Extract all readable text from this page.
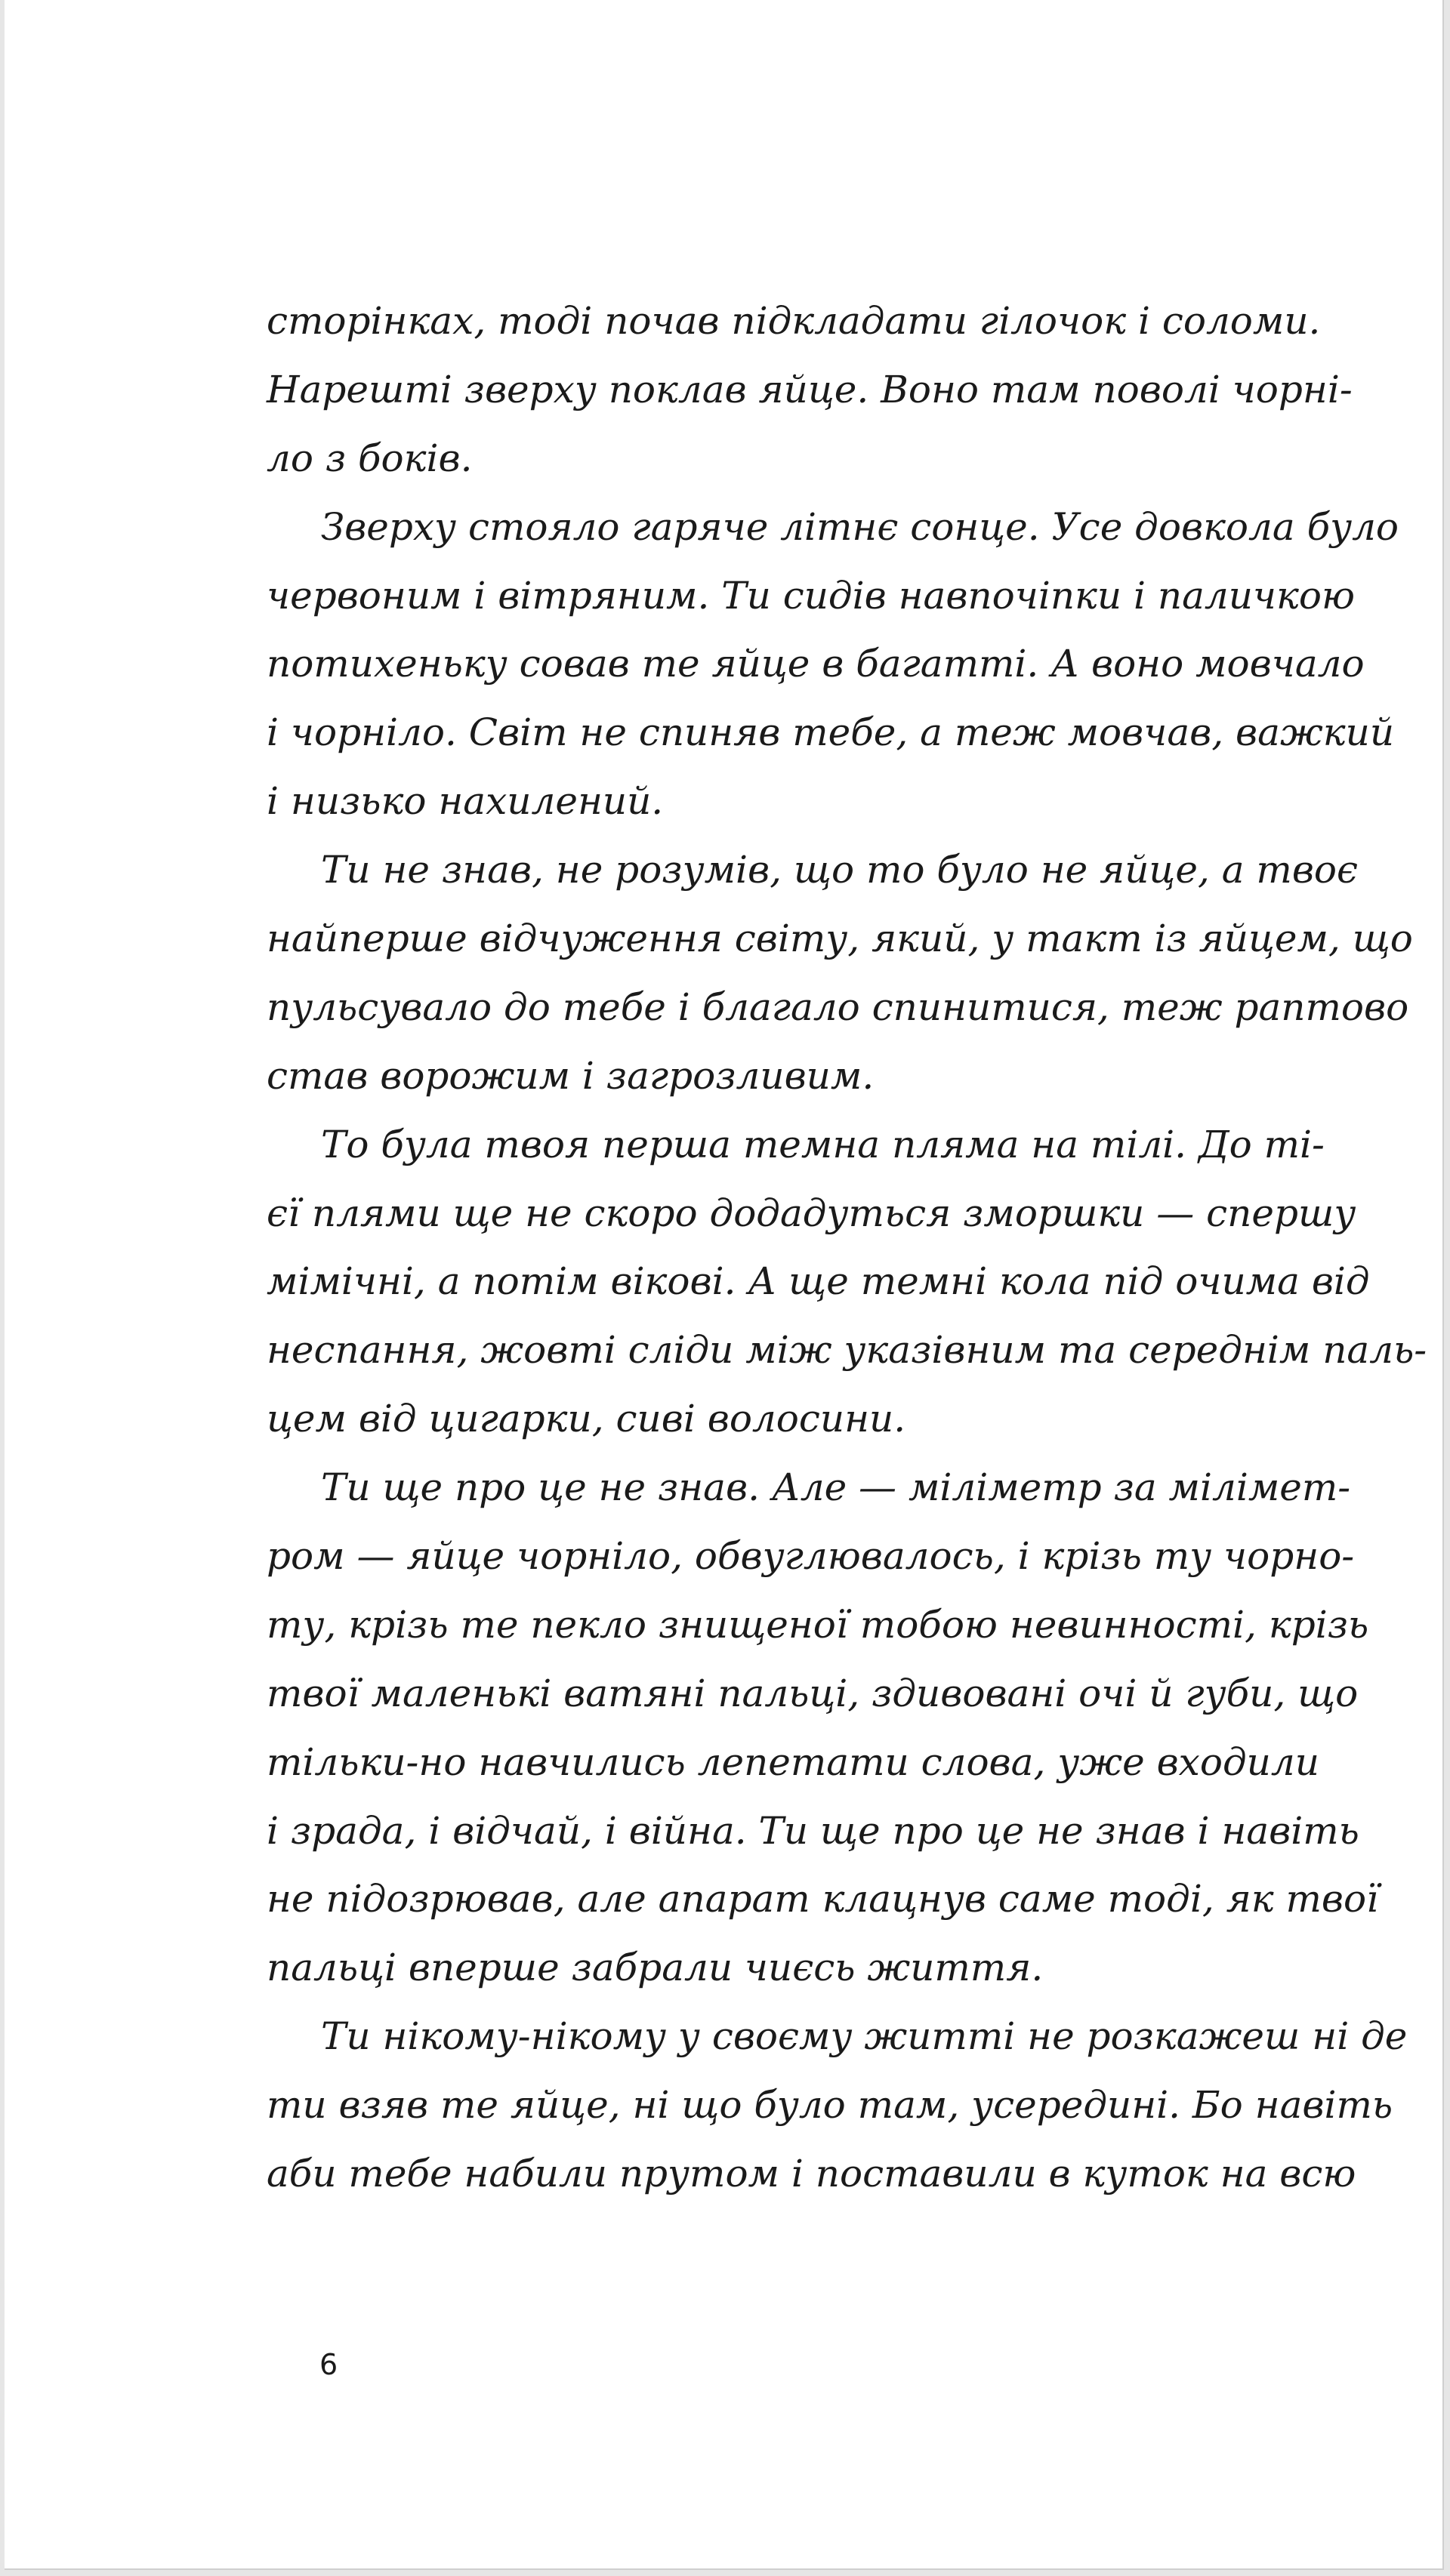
сторінках, тоді почав підкладати гілочок і соломи.
Нарешті зверху поклав яйце. Воно там поволі чорні-
ло з боків.
Зверху стояло гаряче літнє сонце. Усе довкола було
червоним і вітряним. Ти сидів навпочіпки і паличкою
потихеньку совав те яйце в багатті. А воно мовчало
і чорніло. Світ не спиняв тебе, а теж мовчав, важкий
і низько нахилений.
Ти не знав, не розумів, що то було не яйце, а твоє
найперше відчуження світу, який, у такт із яйцем, що
пульсувало до тебе і благало спинитися, теж раптово
став ворожим і загрозливим.
То була твоя перша темна пляма на тілі. До ті-
єї плями ще не скоро додадуться зморшки — спершу
мімічні, а потім вікові. А ще темні кола під очима від
неспання, жовті сліди між указівним та середнім паль-
цем від цигарки, сиві волосини.
Ти ще про це не знав. Але — міліметр за мілімет-
ром — яйце чорніло, обвуглювалось, і крізь ту чорно-
ту, крізь те пекло знищеної тобою невинності, крізь
твої маленькі ватяні пальці, здивовані очі й губи, що
тільки-но навчились лепетати слова, уже входили
і зрада, і відчай, і війна. Ти ще про це не знав і навіть
не підозрював, але апарат клацнув саме тоді, як твої
пальці вперше забрали чиєсь життя.
Ти нікому-нікому у своєму житті не розкажеш ні де
ти взяв те яйце, ні що було там, усередині. Бо навіть
аби тебе набили прутом і поставили в куток на всю
6
